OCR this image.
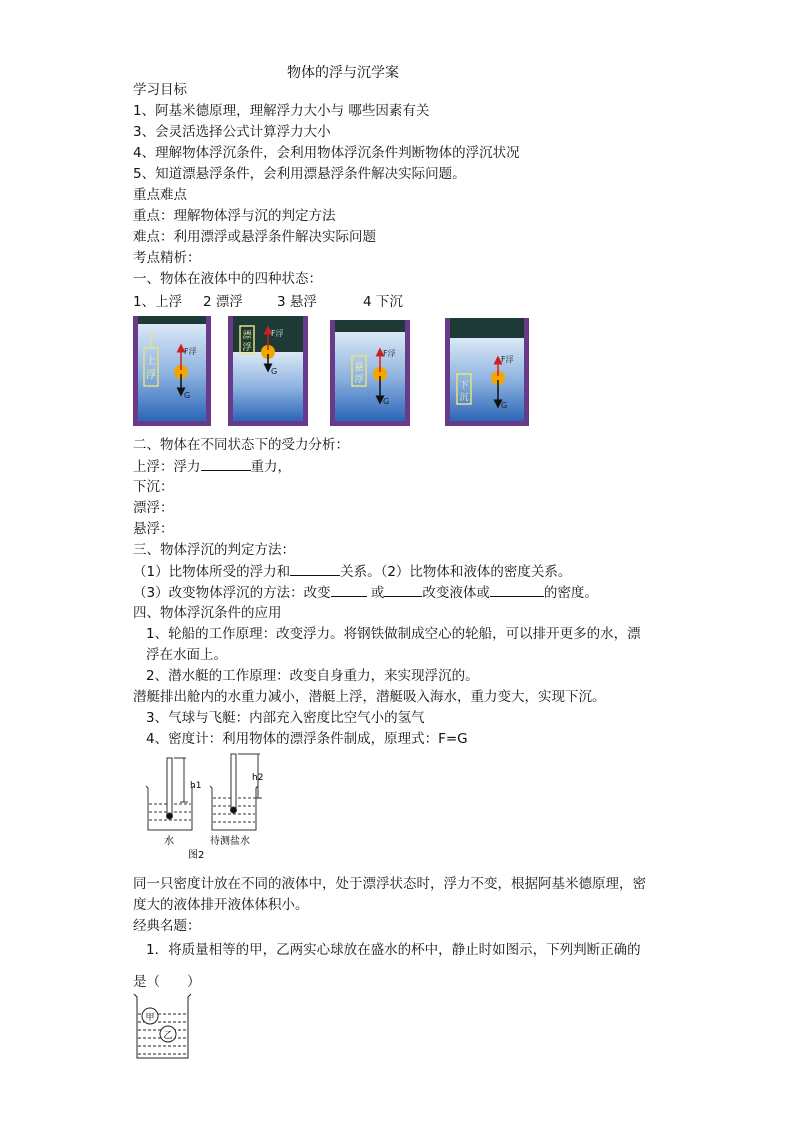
物体的浮与沉学案
学习目标
1、阿基米德原理，理解浮力大小与 哪些因素有关
3、会灵活选择公式计算浮力大小
4、理解物体浮沉条件，会利用物体浮沉条件判断物体的浮沉状况
5、知道漂悬浮条件，会利用漂悬浮条件解决实际问题。
重点难点
重点：理解物体浮与沉的判定方法
难点：利用漂浮或悬浮条件解决实际问题
考点精析：
一、物体在液体中的四种状态：
1、上浮 2 漂浮	3 悬浮	4 下沉
上
浮
F浮
G
漂
浮
F浮
G	悬
浮
F浮
G
下
沉
F浮
G
二、物体在不同状态下的受力分析：
上浮：浮力	重力，
下沉：
漂浮：
悬浮：
三、物体浮沉的判定方法：
（1）比物体所受的浮力和	关系。（2）比物体和液体的密度关系。
（3）改变物体浮沉的方法：改变	或	改变液体或	的密度。
四、物体浮沉条件的应用
1、轮船的工作原理：改变浮力。将钢铁做制成空心的轮船，可以排开更多的水，漂
浮在水面上。
2、潜水艇的工作原理：改变自身重力，来实现浮沉的。
潜艇排出舱内的水重力减小，潜艇上浮，潜艇吸入海水，重力变大，实现下沉。
3、气球与飞艇：内部充入密度比空气小的氢气
4、密度计：利用物体的漂浮条件制成，原理式：F=G
h1
h2
水	待测盐水
图2
同一只密度计放在不同的液体中，处于漂浮状态时，浮力不变，根据阿基米德原理，密
度大的液体排开液体体积小。
经典名题：
1．将质量相等的甲，乙两实心球放在盛水的杯中，静止时如图示，下列判断正确的
是（　　）
甲
乙
